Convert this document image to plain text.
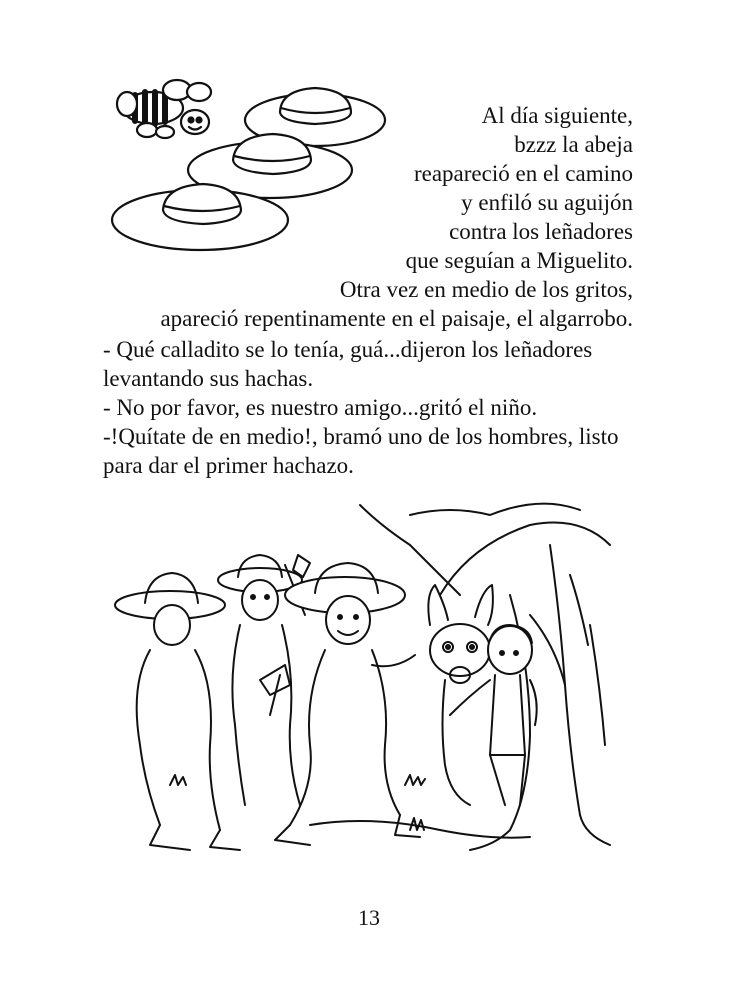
Al día siguiente,
bzzz la abeja
reapareció en el camino
y enfiló su aguijón
contra los leñadores
que seguían a Miguelito.
Otra vez en medio de los gritos,
apareció repentinamente en el paisaje, el algarrobo.
- Qué calladito se lo tenía, guá...dijeron los leñadores
levantando sus hachas.
- No por favor, es nuestro amigo...gritó el niño.
-!Quítate de en medio!, bramó uno de los hombres, listo
para dar el primer hachazo.
13
